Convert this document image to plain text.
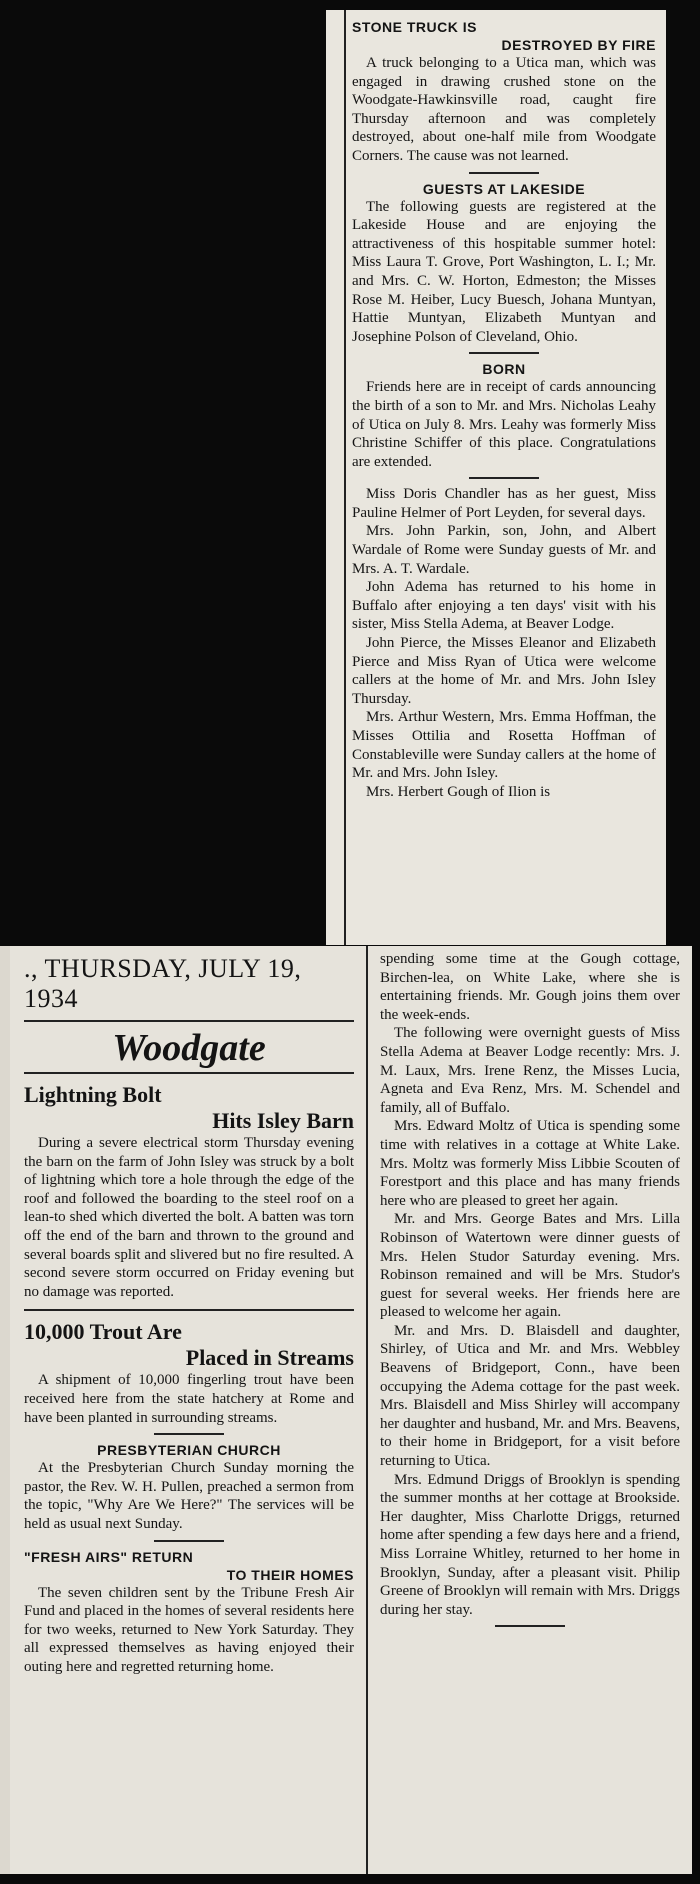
STONE TRUCK IS
DESTROYED BY FIRE

A truck belonging to a Utica man, which was engaged in drawing crushed stone on the Woodgate-Hawkinsville road, caught fire Thursday afternoon and was completely destroyed, about one-half mile from Woodgate Corners. The cause was not learned.

GUESTS AT LAKESIDE

The following guests are registered at the Lakeside House and are enjoying the attractiveness of this hospitable summer hotel: Miss Laura T. Grove, Port Washington, L. I.; Mr. and Mrs. C. W. Horton, Edmeston; the Misses Rose M. Heiber, Lucy Buesch, Johana Muntyan, Hattie Muntyan, Elizabeth Muntyan and Josephine Polson of Cleveland, Ohio.

BORN

Friends here are in receipt of cards announcing the birth of a son to Mr. and Mrs. Nicholas Leahy of Utica on July 8. Mrs. Leahy was formerly Miss Christine Schiffer of this place. Congratulations are extended.

Miss Doris Chandler has as her guest, Miss Pauline Helmer of Port Leyden, for several days.

Mrs. John Parkin, son, John, and Albert Wardale of Rome were Sunday guests of Mr. and Mrs. A. T. Wardale.

John Adema has returned to his home in Buffalo after enjoying a ten days' visit with his sister, Miss Stella Adema, at Beaver Lodge.

John Pierce, the Misses Eleanor and Elizabeth Pierce and Miss Ryan of Utica were welcome callers at the home of Mr. and Mrs. John Isley Thursday.

Mrs. Arthur Western, Mrs. Emma Hoffman, the Misses Ottilia and Rosetta Hoffman of Constableville were Sunday callers at the home of Mr. and Mrs. John Isley.

Mrs. Herbert Gough of Ilion is

., THURSDAY, JULY 19, 1934

Woodgate

Lightning Bolt

Hits Isley Barn

During a severe electrical storm Thursday evening the barn on the farm of John Isley was struck by a bolt of lightning which tore a hole through the edge of the roof and followed the boarding to the steel roof on a lean-to shed which diverted the bolt. A batten was torn off the end of the barn and thrown to the ground and several boards split and slivered but no fire resulted. A second severe storm occurred on Friday evening but no damage was reported.

10,000 Trout Are

Placed in Streams

A shipment of 10,000 fingerling trout have been received here from the state hatchery at Rome and have been planted in surrounding streams.

PRESBYTERIAN CHURCH

At the Presbyterian Church Sunday morning the pastor, the Rev. W. H. Pullen, preached a sermon from the topic, "Why Are We Here?" The services will be held as usual next Sunday.

"FRESH AIRS" RETURN
TO THEIR HOMES

The seven children sent by the Tribune Fresh Air Fund and placed in the homes of several residents here for two weeks, returned to New York Saturday. They all expressed themselves as having enjoyed their outing here and regretted returning home.

spending some time at the Gough cottage, Birchen-lea, on White Lake, where she is entertaining friends. Mr. Gough joins them over the week-ends.

The following were overnight guests of Miss Stella Adema at Beaver Lodge recently: Mrs. J. M. Laux, Mrs. Irene Renz, the Misses Lucia, Agneta and Eva Renz, Mrs. M. Schendel and family, all of Buffalo.

Mrs. Edward Moltz of Utica is spending some time with relatives in a cottage at White Lake. Mrs. Moltz was formerly Miss Libbie Scouten of Forestport and this place and has many friends here who are pleased to greet her again.

Mr. and Mrs. George Bates and Mrs. Lilla Robinson of Watertown were dinner guests of Mrs. Helen Studor Saturday evening. Mrs. Robinson remained and will be Mrs. Studor's guest for several weeks. Her friends here are pleased to welcome her again.

Mr. and Mrs. D. Blaisdell and daughter, Shirley, of Utica and Mr. and Mrs. Webbley Beavens of Bridgeport, Conn., have been occupying the Adema cottage for the past week. Mrs. Blaisdell and Miss Shirley will accompany her daughter and husband, Mr. and Mrs. Beavens, to their home in Bridgeport, for a visit before returning to Utica.

Mrs. Edmund Driggs of Brooklyn is spending the summer months at her cottage at Brookside. Her daughter, Miss Charlotte Driggs, returned home after spending a few days here and a friend, Miss Lorraine Whitley, returned to her home in Brooklyn, Sunday, after a pleasant visit. Philip Greene of Brooklyn will remain with Mrs. Driggs during her stay.
